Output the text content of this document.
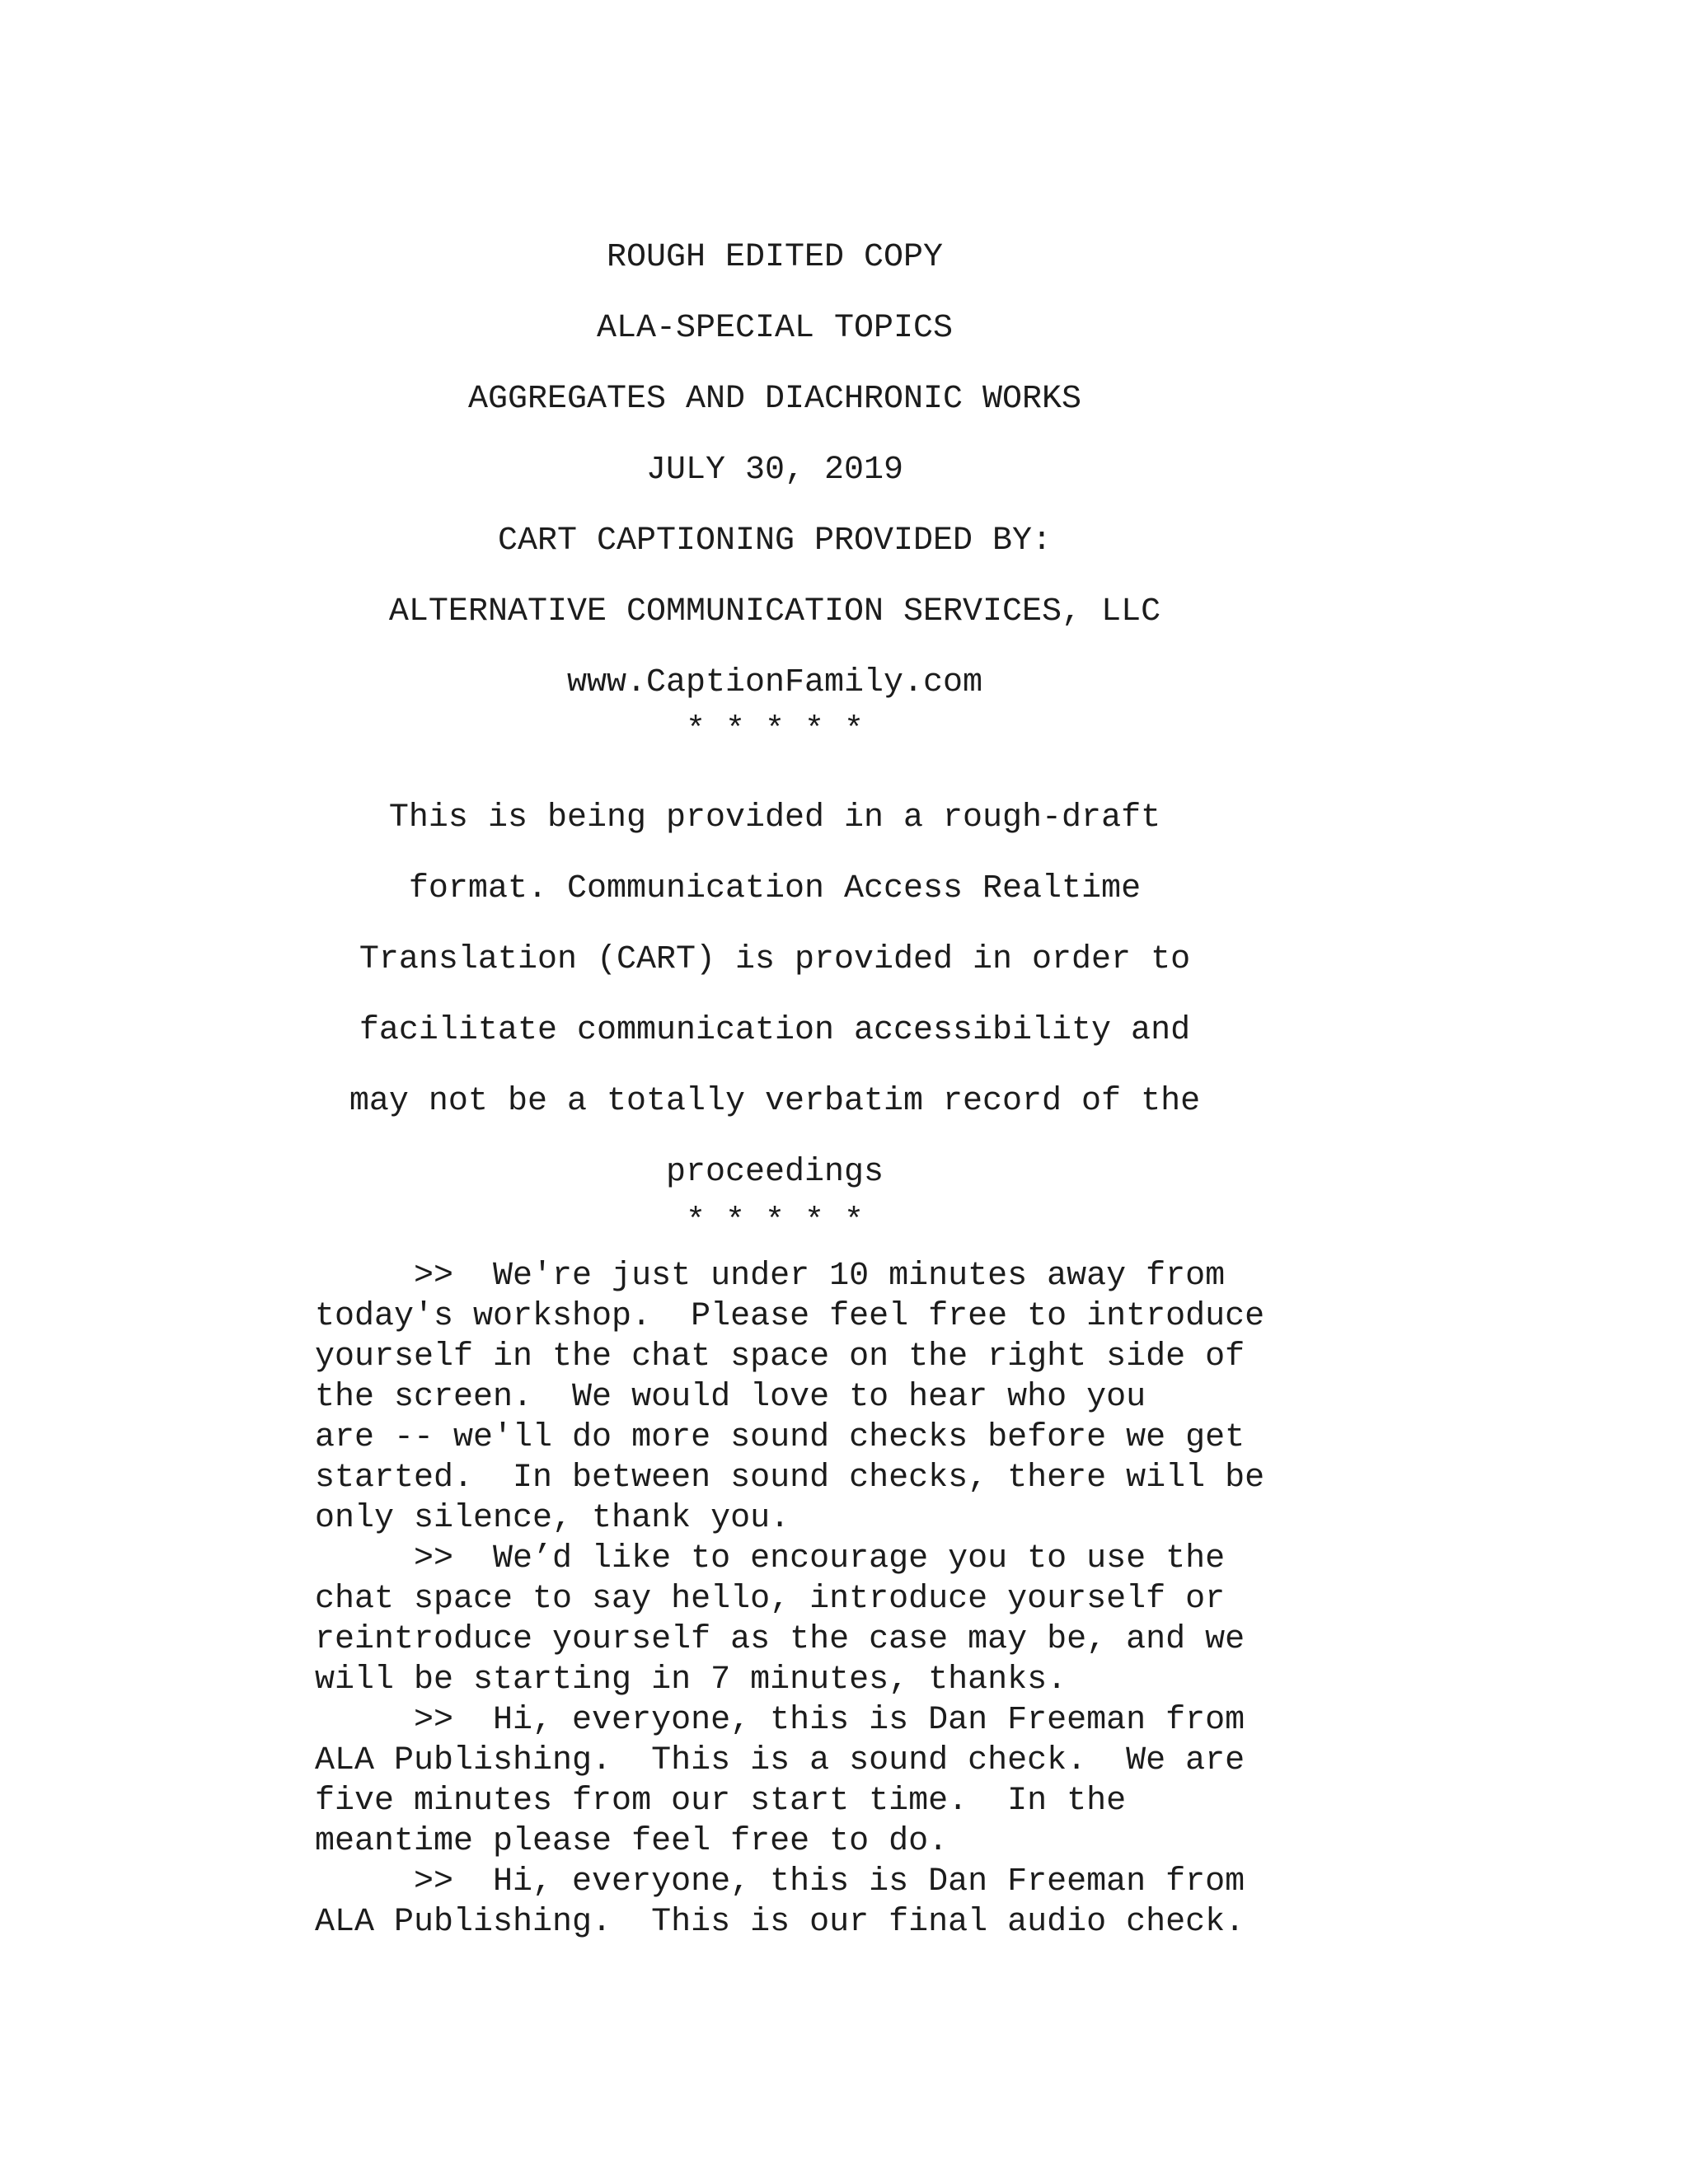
ROUGH EDITED COPY
ALA-SPECIAL TOPICS
AGGREGATES AND DIACHRONIC WORKS
JULY 30, 2019
CART CAPTIONING PROVIDED BY:
ALTERNATIVE COMMUNICATION SERVICES, LLC
www.CaptionFamily.com
* * * * *
This is being provided in a rough-draft
format. Communication Access Realtime
Translation (CART) is provided in order to
facilitate communication accessibility and
may not be a totally verbatim record of the
proceedings
* * * * *
>>  We're just under 10 minutes away from
today's workshop.  Please feel free to introduce
yourself in the chat space on the right side of
the screen.  We would love to hear who you
are -- we'll do more sound checks before we get
started.  In between sound checks, there will be
only silence, thank you.
>>  We’d like to encourage you to use the
chat space to say hello, introduce yourself or
reintroduce yourself as the case may be, and we
will be starting in 7 minutes, thanks.
>>  Hi, everyone, this is Dan Freeman from
ALA Publishing.  This is a sound check.  We are
five minutes from our start time.  In the
meantime please feel free to do.
>>  Hi, everyone, this is Dan Freeman from
ALA Publishing.  This is our final audio check.
